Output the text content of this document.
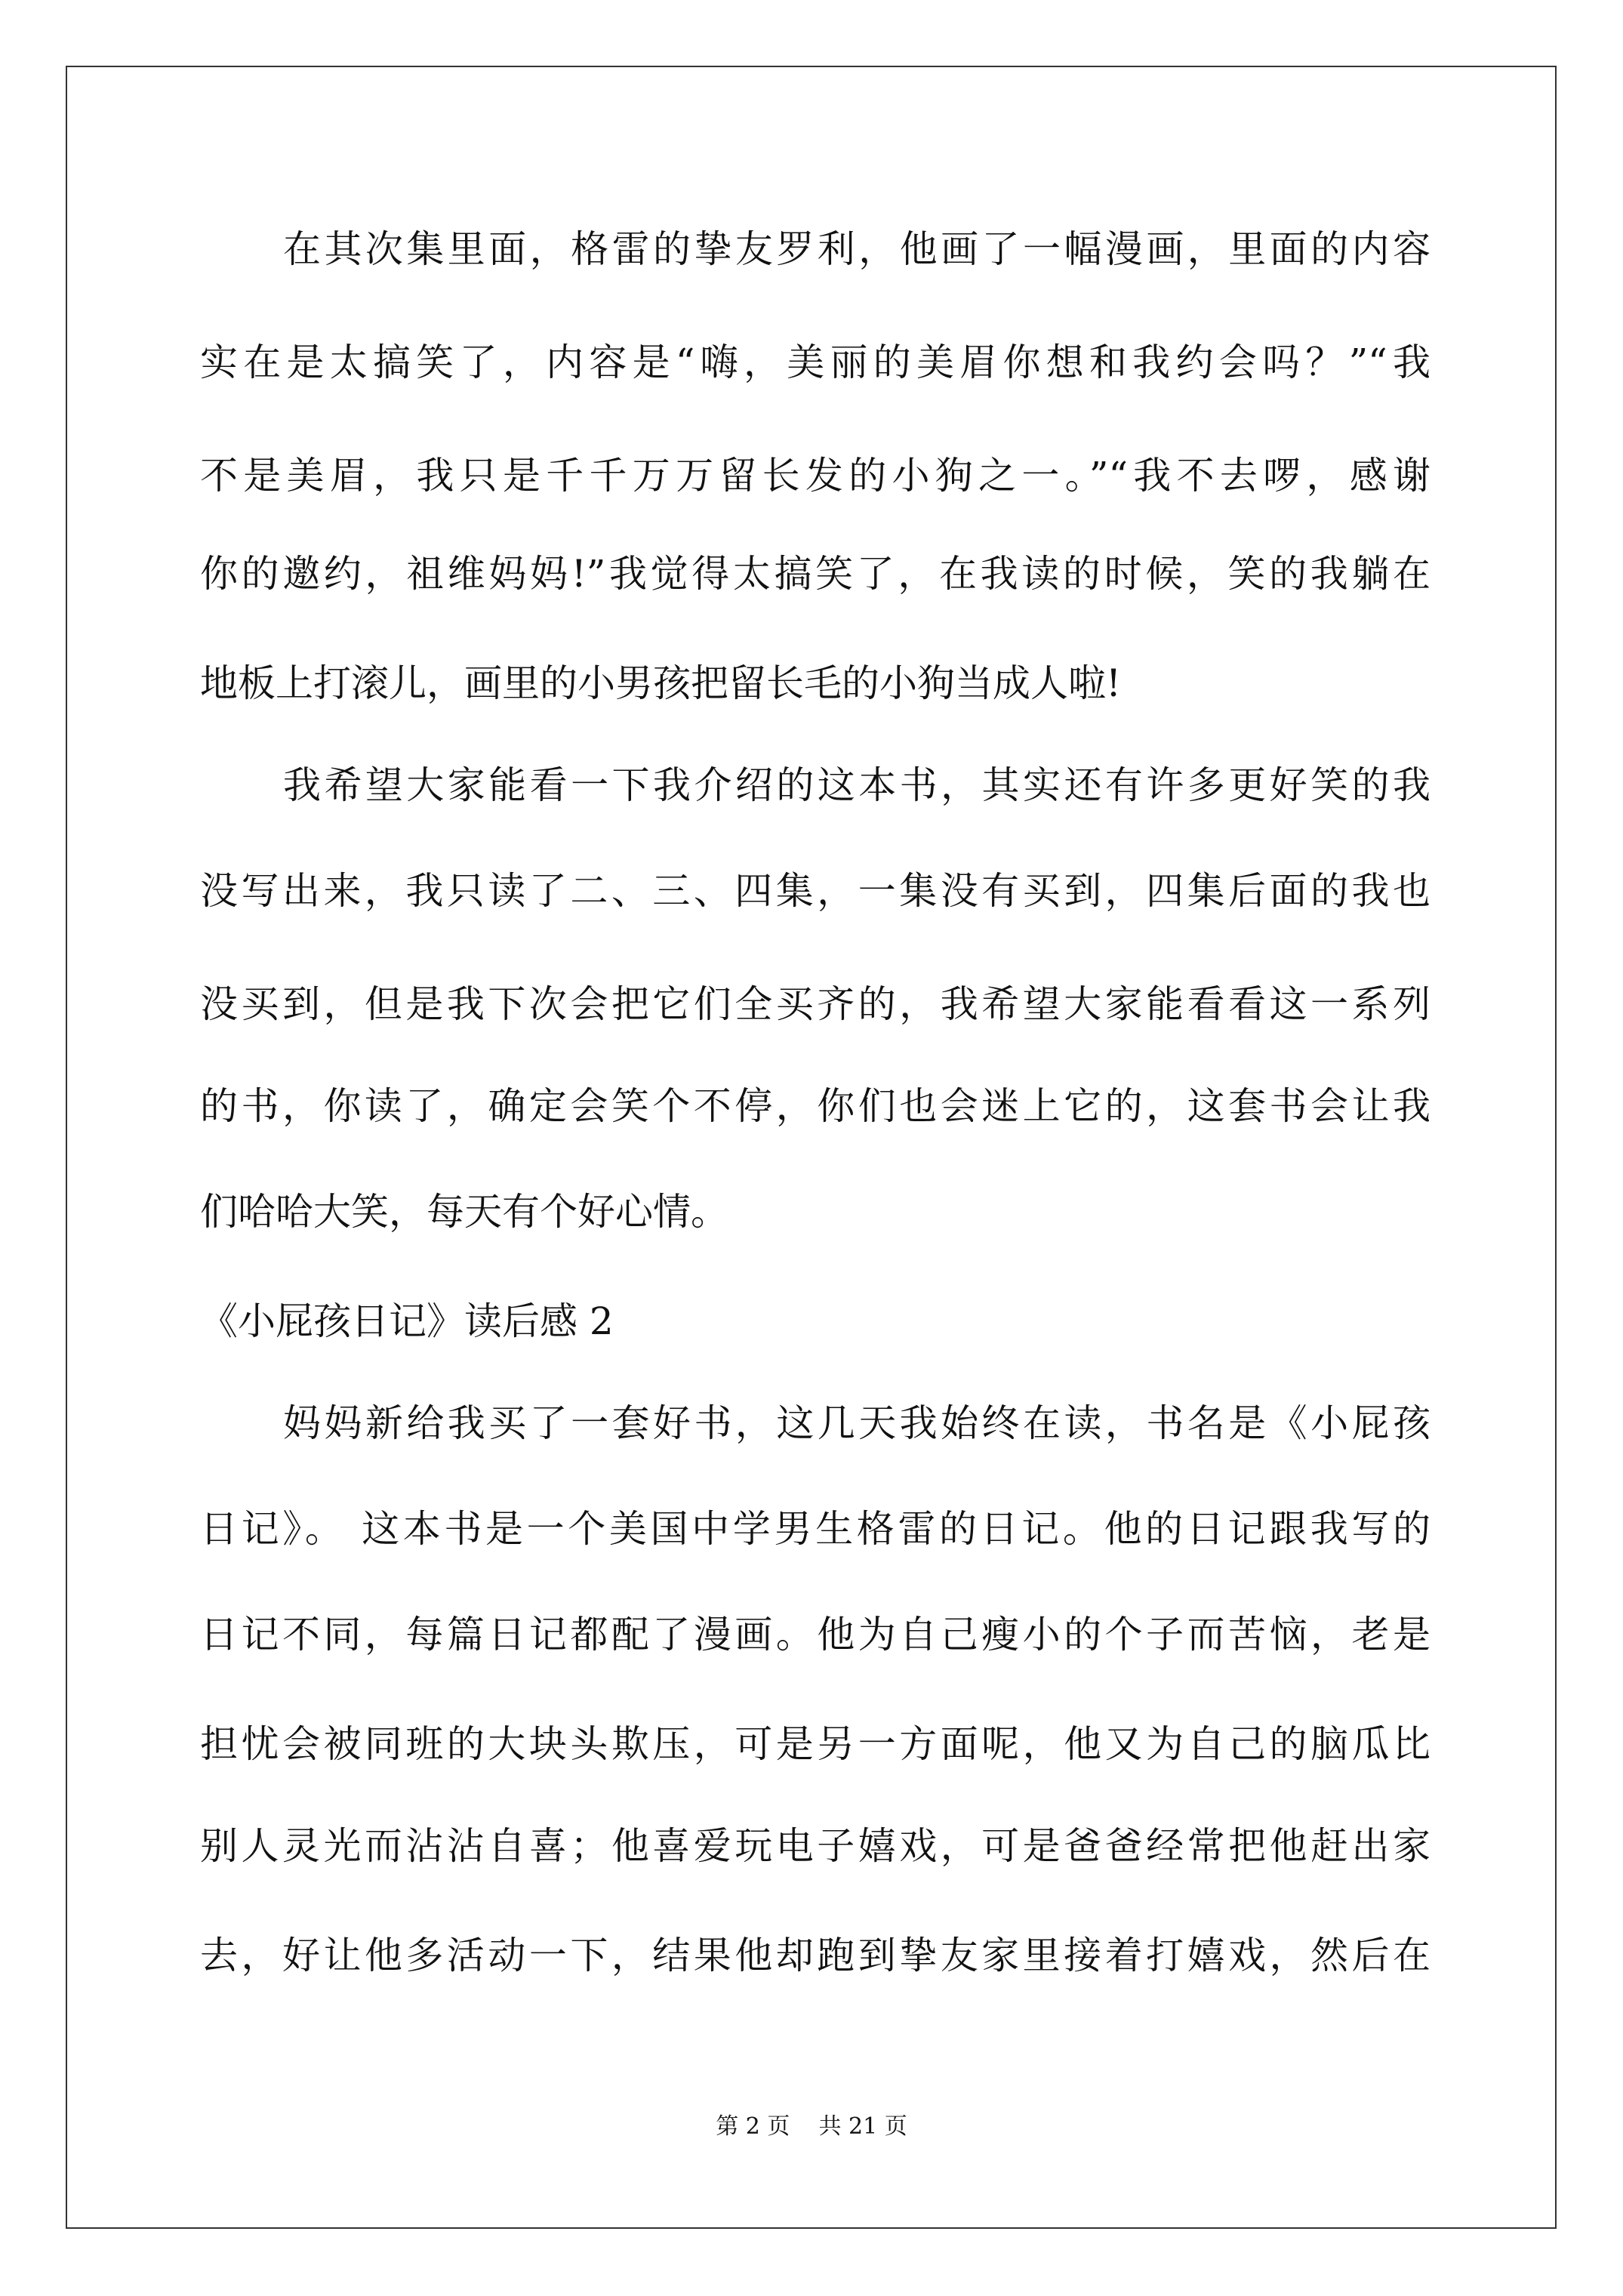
在其次集里面，格雷的挚友罗利，他画了一幅漫画，里面的内容
实在是太搞笑了，内容是“嗨，美丽的美眉你想和我约会吗？”“我
不是美眉，我只是千千万万留长发的小狗之一。”“我不去啰，感谢
你的邀约，祖维妈妈!”我觉得太搞笑了，在我读的时候，笑的我躺在
地板上打滚儿，画里的小男孩把留长毛的小狗当成人啦!
我希望大家能看一下我介绍的这本书，其实还有许多更好笑的我
没写出来，我只读了二、三、四集，一集没有买到，四集后面的我也
没买到，但是我下次会把它们全买齐的，我希望大家能看看这一系列
的书，你读了，确定会笑个不停，你们也会迷上它的，这套书会让我
们哈哈大笑，每天有个好心情。
《小屁孩日记》读后感 2
妈妈新给我买了一套好书，这几天我始终在读，书名是《小屁孩
日记》。 这本书是一个美国中学男生格雷的日记。他的日记跟我写的
日记不同，每篇日记都配了漫画。他为自己瘦小的个子而苦恼，老是
担忧会被同班的大块头欺压，可是另一方面呢，他又为自己的脑瓜比
别人灵光而沾沾自喜；他喜爱玩电子嬉戏，可是爸爸经常把他赶出家
去，好让他多活动一下，结果他却跑到挚友家里接着打嬉戏，然后在
第 2 页    共 21 页
